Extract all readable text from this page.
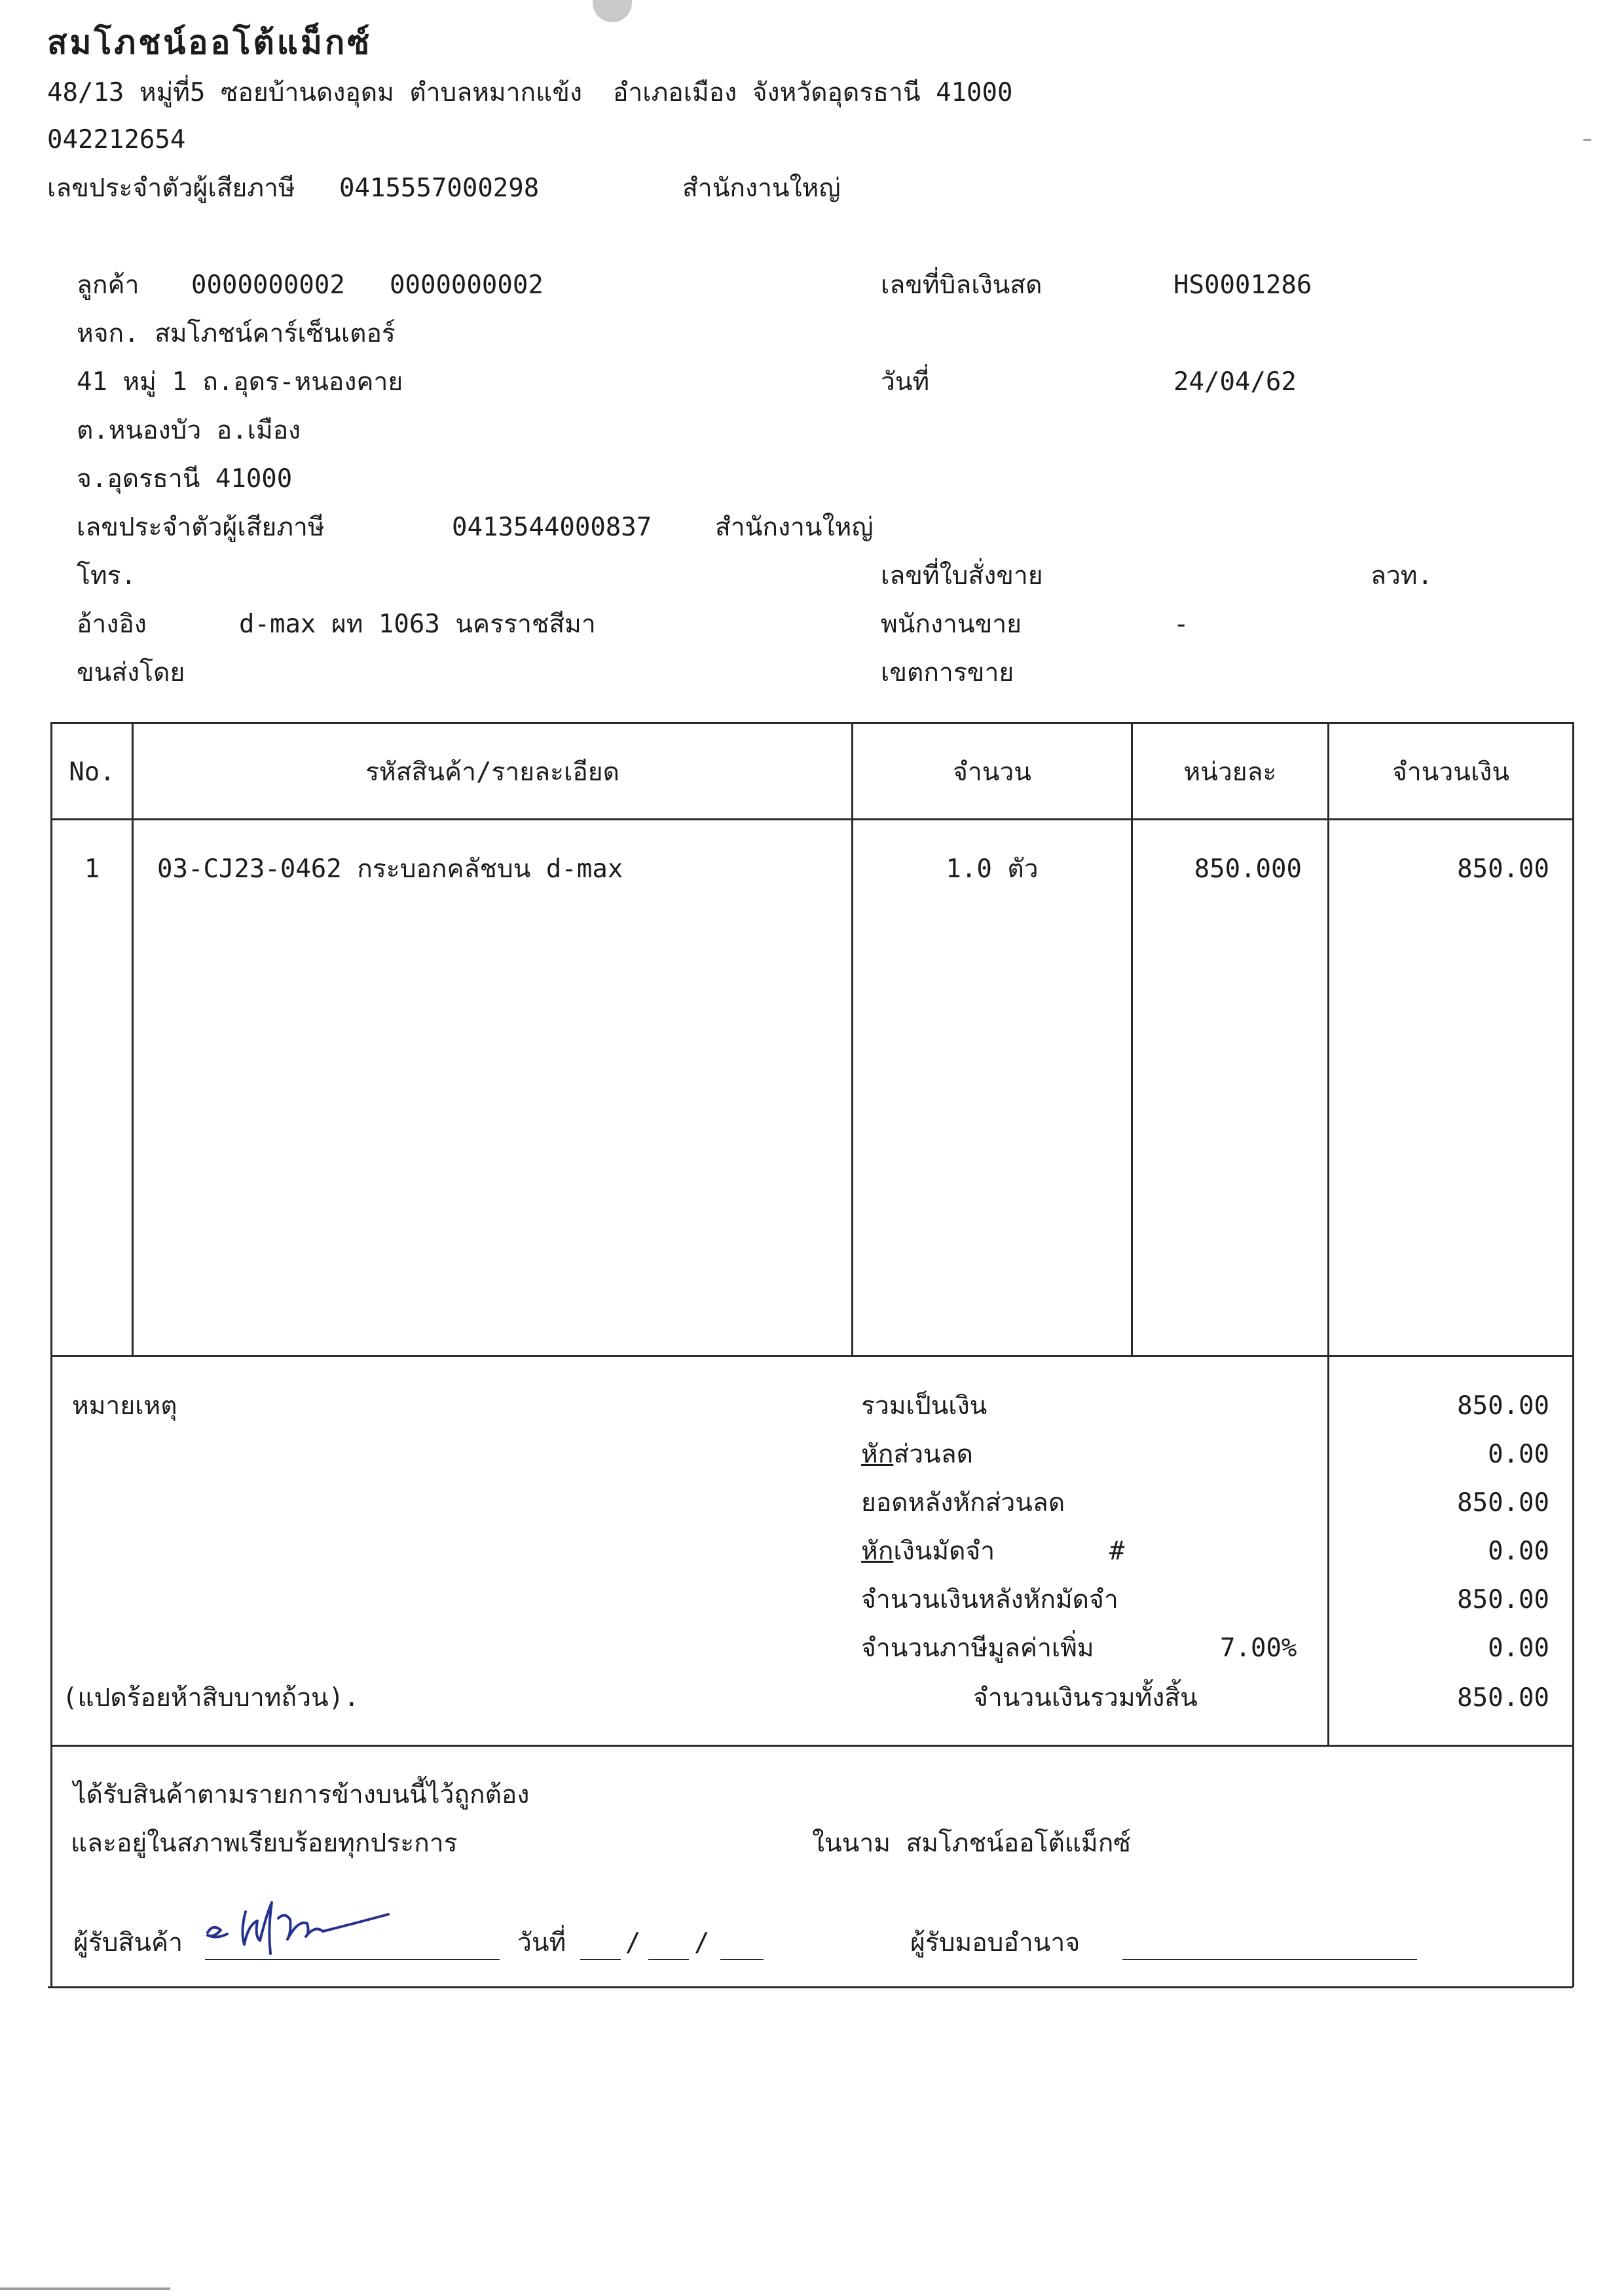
สมโภชน์ออโต้แม็กซ์
48/13 หมู่ที่5 ซอยบ้านดงอุดม ตำบลหมากแข้ง  อำเภอเมือง จังหวัดอุดรธานี 41000
042212654
เลขประจำตัวผู้เสียภาษี 0415557000298	สำนักงานใหญ่
ลูกค้า 0000000002 0000000002
หจก. สมโภชน์คาร์เซ็นเตอร์
41 หมู่ 1 ถ.อุดร-หนองคาย
ต.หนองบัว อ.เมือง
จ.อุดรธานี 41000
เลขประจำตัวผู้เสียภาษี	0413544000837 สำนักงานใหญ่
โทร.
อ้างอิง	d-max ผท 1063 นครราชสีมา
ขนส่งโดย
เลขที่บิลเงินสด	HS0001286
วันที่	24/04/62
เลขที่ใบสั่งขาย	ลวท.
พนักงานขาย	-
เขตการขาย
No.	รหัสสินค้า/รายละเอียด	จำนวน	หน่วยละ	จำนวนเงิน
1	03-CJ23-0462 กระบอกคลัชบน d-max	1.0 ตัว	850.000	850.00
หมายเหตุ	รวมเป็นเงิน	850.00
หักส่วนลด	0.00
ยอดหลังหักส่วนลด	850.00
หักเงินมัดจำ	#	0.00
จำนวนเงินหลังหักมัดจำ	850.00
จำนวนภาษีมูลค่าเพิ่ม	7.00%	0.00
(แปดร้อยห้าสิบบาทถ้วน).	จำนวนเงินรวมทั้งสิ้น	850.00
ได้รับสินค้าตามรายการข้างบนนี้ไว้ถูกต้อง
และอยู่ในสภาพเรียบร้อยทุกประการ	ในนาม สมโภชน์ออโต้แม็กซ์
ผู้รับสินค้า	วันที่ / /	ผู้รับมอบอำนาจ
